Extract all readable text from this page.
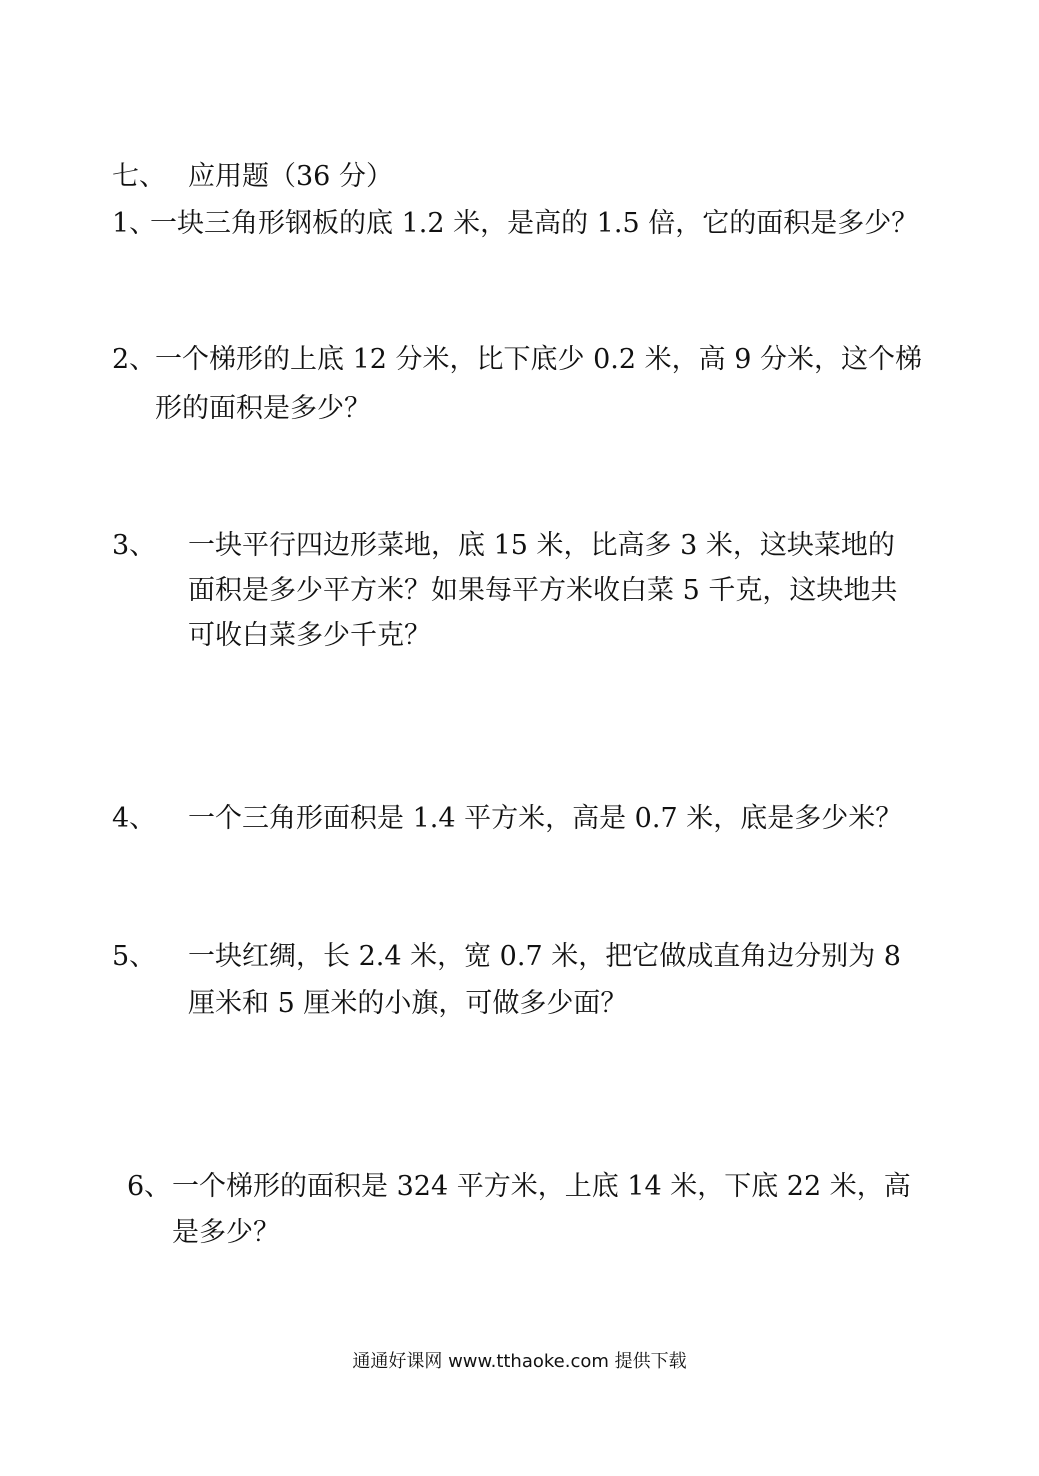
七、 应用题（36 分）
1、
一块三角形钢板的底 1.2 米，是高的 1.5 倍，它的面积是多少？
2、
一个梯形的上底 12 分米，比下底少 0.2 米，高 9 分米，这个梯
形的面积是多少？
3、 一块平行四边形菜地，底 15 米，比高多 3 米，这块菜地的
面积是多少平方米？如果每平方米收白菜 5 千克，这块地共
可收白菜多少千克？
4、 一个三角形面积是 1.4 平方米，高是 0.7 米，底是多少米？
5、 一块红绸，长 2.4 米，宽 0.7 米，把它做成直角边分别为 8
厘米和 5 厘米的小旗，可做多少面？
6、 一个梯形的面积是 324 平方米，上底 14 米，下底 22 米，高
是多少？
通通好课网 www.tthaoke.com 提供下载
